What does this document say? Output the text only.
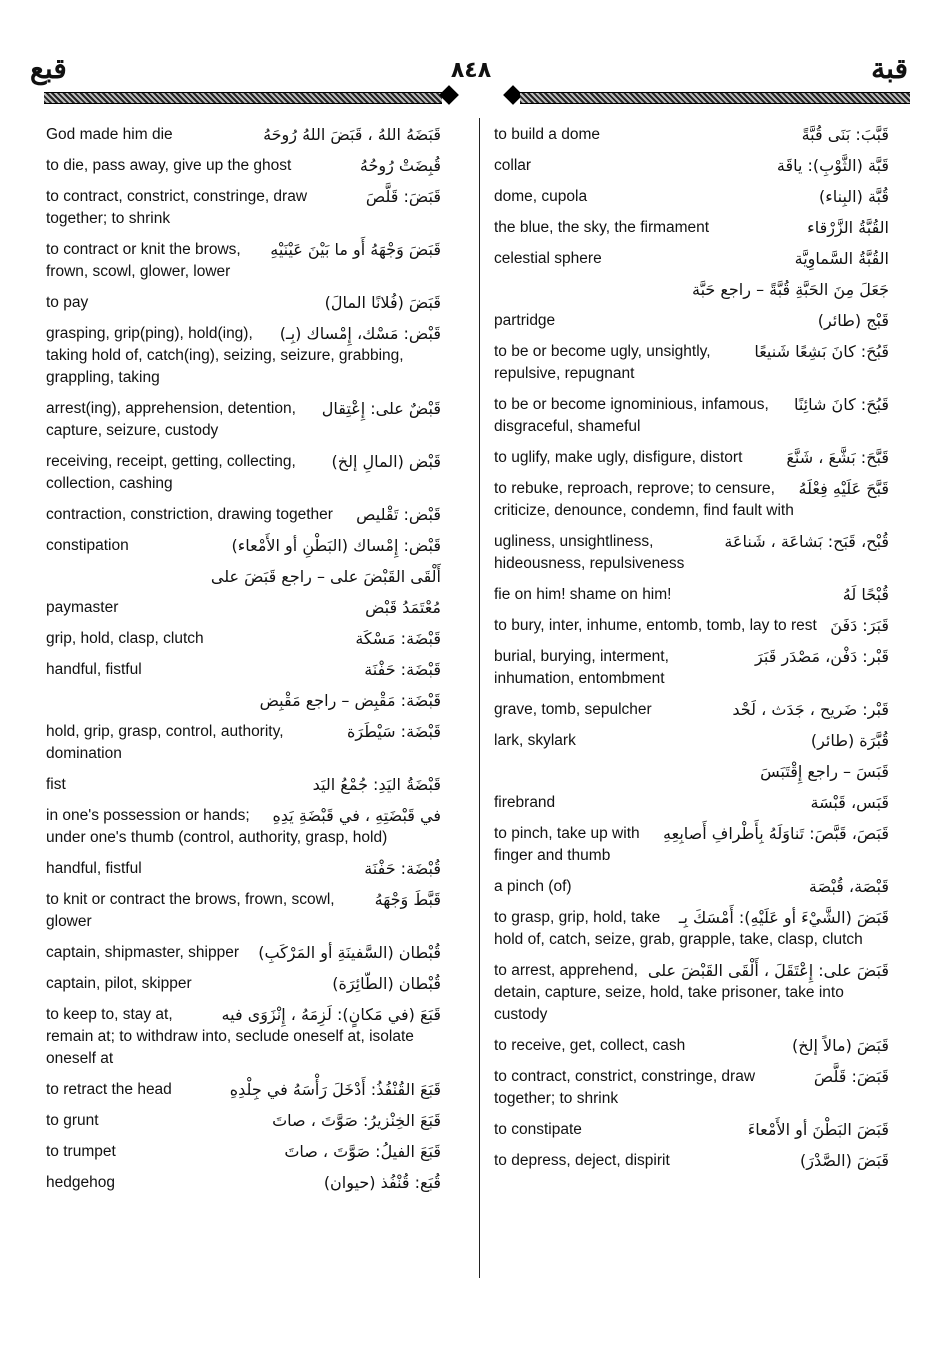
قبع	٨٤٨	قبة
قَبَضَهُ اللهُ ، قَبَضَ اللهُ رُوحَهُ
God made him die
قُبِضَتْ رُوحُهُ
to die, pass away, give up the ghost
قَبَضَ: قَلَّصَ
to contract, constrict, constringe, draw together; to shrink
قَبَضَ وَجْهَهُ أَو ما بَيْنَ عَيْنَيْهِ
to contract or knit the brows, frown, scowl, glower, lower
قَبَضَ (فُلانًا المالَ)
to pay
قَبْض: مَسْك، إِمْساك (بِـ)
grasping, grip(ping), hold(ing), taking hold of, catch(ing), seizing, seizure, grabbing, grappling, taking
قَبْضٌ على: إِعْتِقال
arrest(ing), apprehension, detention, capture, seizure, custody
قَبْض (المالِ إلخ)
receiving, receipt, getting, collecting, collection, cashing
قَبْض: تَقْليص
contraction, constriction, drawing together
قَبْض: إِمْساك (البَطْنِ أو الأَمْعاء)
constipation
أَلْقَى القَبْضَ على – راجع قَبَضَ على
مُعْتَمَدُ قَبْض
paymaster
قَبْضَة: مَسْكَة
grip, hold, clasp, clutch
قَبْضَة: حَفْنَة
handful, fistful
قَبْضَة: مَقْبِض – راجع مَقْبِض
قَبْضَة: سَيْطَرَة
hold, grip, grasp, control, authority, domination
قَبْضَةُ اليَدِ: جُمْعُ اليَد
fist
في قَبْضَتِهِ ، في قَبْضَةِ يَدِهِ
in one's possession or hands; under one's thumb (control, authority, grasp, hold)
قُبْضَة: حَفْنَة
handful, fistful
قَبَّطَ وَجْهَهُ
to knit or contract the brows, frown, scowl, glower
قُبْطان (السَّفينَةِ أو المَرْكَبِ)
captain, shipmaster, shipper
قُبْطان (الطّائِرَة)
captain, pilot, skipper
قَبَعَ (في مَكانٍ): لَزِمَهُ ، إِنْزَوَى فيه
to keep to, stay at, remain at; to withdraw into, seclude oneself at, isolate oneself at
قَبَعَ القُنْفُذُ: أَدْخَلَ رَأْسَهُ في جِلْدِهِ
to retract the head
قَبَعَ الخِنْزيرُ: صَوَّتَ ، صاتَ
to grunt
قَبَعَ الفيلُ: صَوَّتَ ، صاتَ
to trumpet
قُبَع: قُنْفُذ (حيوان)
hedgehog
قَبَّبَ: بَنَى قُبَّةً
to build a dome
قَبَّة (الثَّوْبِ): ياقَة
collar
قُبَّة (البِناء)
dome, cupola
القُبَّةُ الزَّرْقاء
the blue, the sky, the firmament
القُبَّةُ السَّماوِيَّة
celestial sphere
جَعَلَ مِنَ الحَبَّةِ قُبَّةً – راجع حَبَّة
قَبْج (طائر)
partridge
قَبُحَ: كانَ بَشِعًا شَنيعًا
to be or become ugly, unsightly, repulsive, repugnant
قَبُحَ: كانَ شائِنًا
to be or become ignominious, infamous, disgraceful, shameful
قَبَّحَ: بَشَّعَ ، شَنَّعَ
to uglify, make ugly, disfigure, distort
قَبَّحَ عَلَيْهِ فِعْلَهُ
to rebuke, reproach, reprove; to censure, criticize, denounce, condemn, find fault with
قُبْح، قَبَح: بَشاعَة ، شَناعَة
ugliness, unsightliness, hideousness, repulsiveness
قُبْحًا لَهُ
fie on him! shame on him!
قَبَرَ: دَفَنَ
to bury, inter, inhume, entomb, tomb, lay to rest
قَبْر: دَفْن، مَصْدَر قَبَرَ
burial, burying, interment, inhumation, entombment
قَبْر: ضَريح ، جَدَث ، لَحْد
grave, tomb, sepulcher
قُبَّرَة (طائر)
lark, skylark
قَبَسَ – راجع إِقْتَبَسَ
قَبَس، قَبْسَة
firebrand
قَبَصَ، قَبَّصَ: تَناوَلَهُ بِأَطْرافِ أَصابِعِهِ
to pinch, take up with finger and thumb
قَبْصَة، قُبْصَة
a pinch (of)
قَبَضَ (الشَّيْءَ أو عَلَيْهِ): أَمْسَكَ بِـ
to grasp, grip, hold, take hold of, catch, seize, grab, grapple, take, clasp, clutch
قَبَضَ على: إِعْتَقَلَ ، أَلْقَى القَبْضَ على
to arrest, apprehend, detain, capture, seize, hold, take prisoner, take into custody
قَبَضَ (مالاً إلخ)
to receive, get, collect, cash
قَبَضَ: قَلَّصَ
to contract, constrict, constringe, draw together; to shrink
قَبَضَ البَطْنَ أو الأَمْعاءَ
to constipate
قَبَضَ (الصَّدْرَ)
to depress, deject, dispirit
